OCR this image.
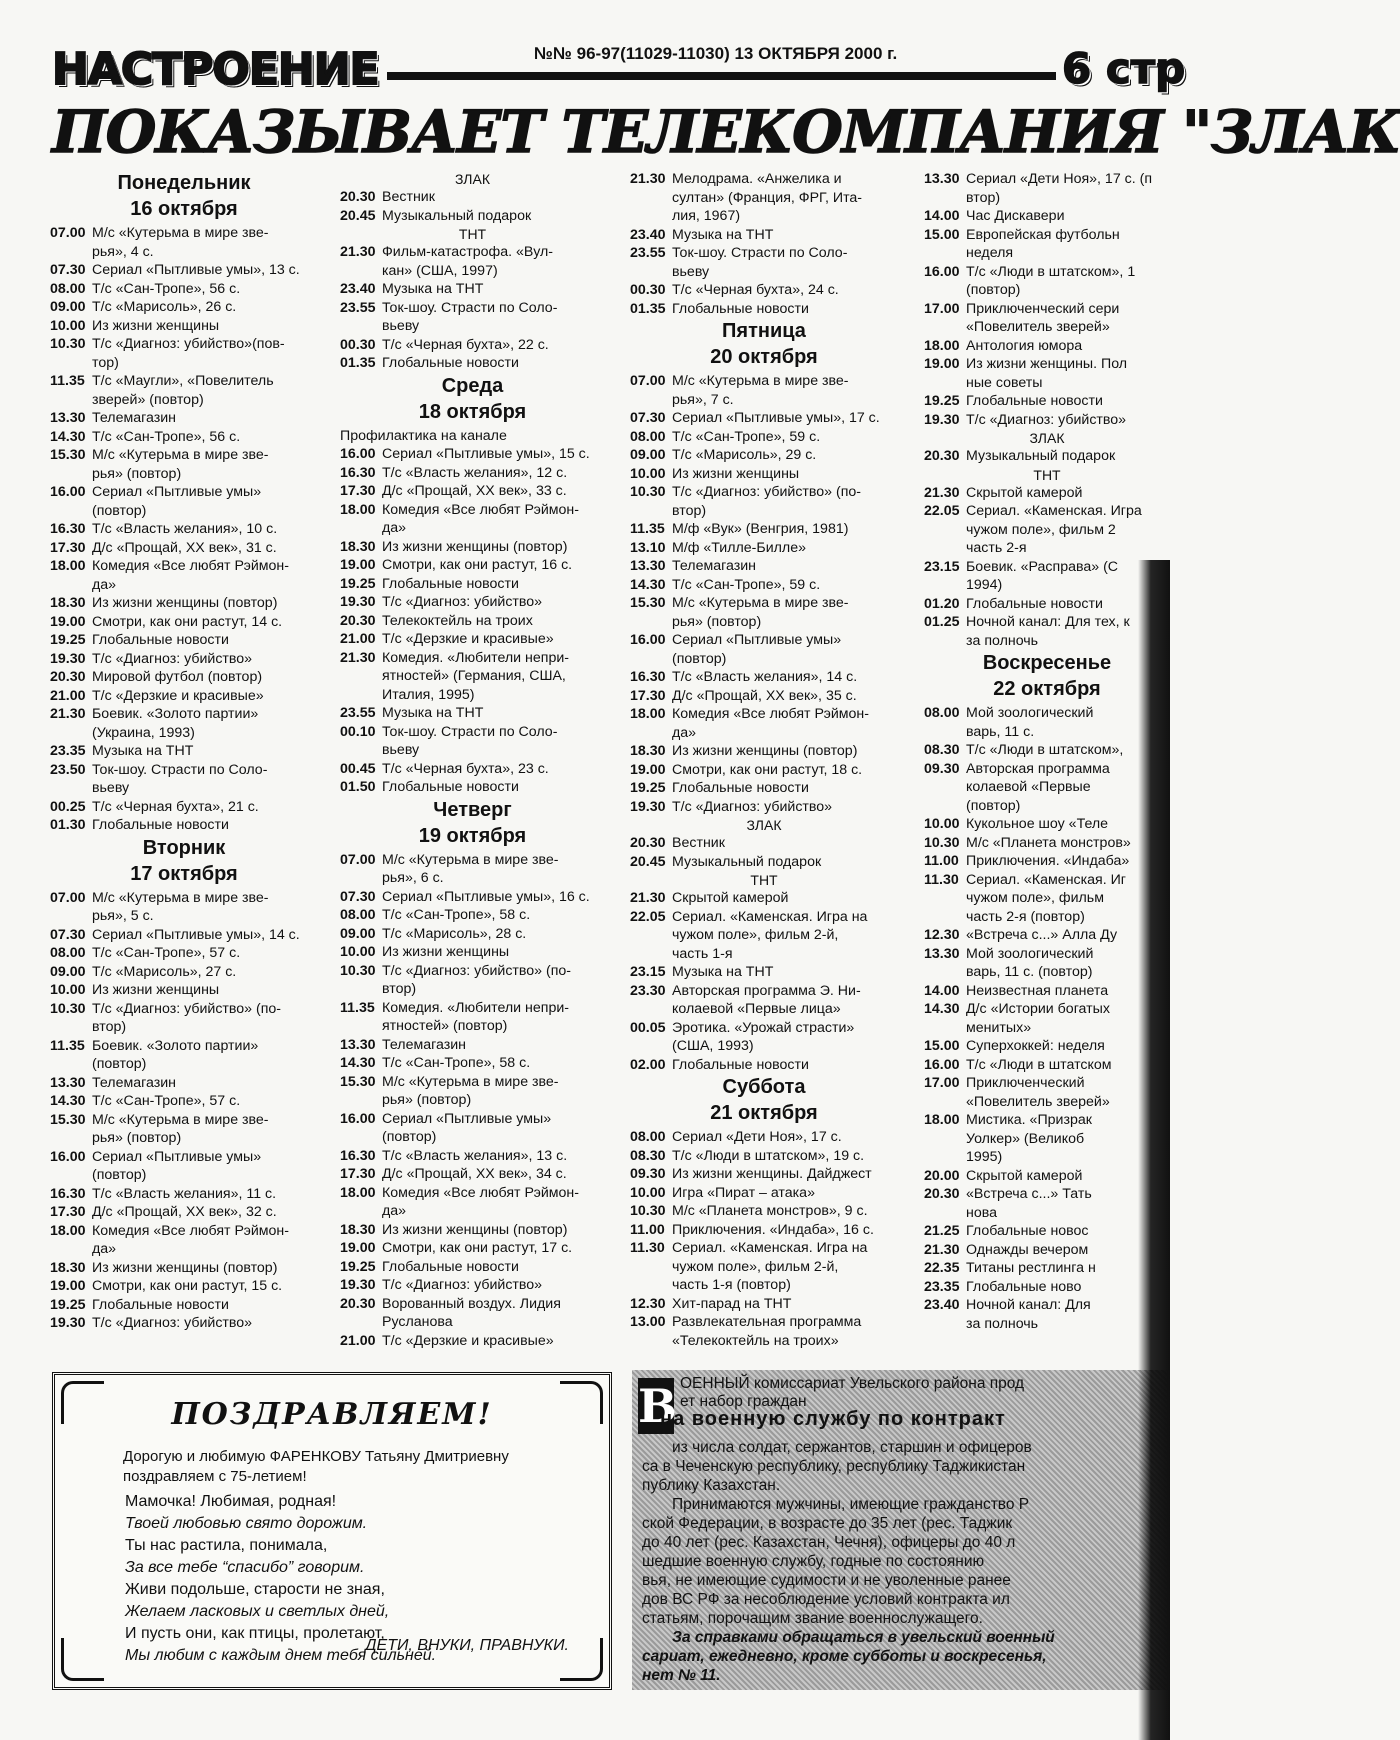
НАСТРОЕНИЕ	№№ 96-97(11029-11030) 13 ОКТЯБРЯ 2000 г.	6 стр
ПОКАЗЫВАЕТ ТЕЛЕКОМПАНИЯ "ЗЛАК
Понедельник
16 октября
07.00 М/с «Кутерьма в мире зве-
рья», 4 с.
07.30 Сериал «Пытливые умы», 13 с.
08.00 Т/с «Сан-Тропе», 56 с.
09.00 Т/с «Марисоль», 26 с.
10.00 Из жизни женщины
10.30 Т/с «Диагноз: убийство»(пов-
тор)
11.35 Т/с «Маугли», «Повелитель
зверей» (повтор)
13.30 Телемагазин
14.30 Т/с «Сан-Тропе», 56 с.
15.30 М/с «Кутерьма в мире зве-
рья» (повтор)
16.00 Сериал «Пытливые умы»
(повтор)
16.30 Т/с «Власть желания», 10 с.
17.30 Д/с «Прощай, XX век», 31 с.
18.00 Комедия «Все любят Рэймон-
да»
18.30 Из жизни женщины (повтор)
19.00 Смотри, как они растут, 14 с.
19.25 Глобальные новости
19.30 Т/с «Диагноз: убийство»
20.30 Мировой футбол (повтор)
21.00 Т/с «Дерзкие и красивые»
21.30 Боевик. «Золото партии»
(Украина, 1993)
23.35 Музыка на ТНТ
23.50 Ток-шоу. Страсти по Соло-
вьеву
00.25 Т/с «Черная бухта», 21 с.
01.30 Глобальные новости
Вторник
17 октября
07.00 М/с «Кутерьма в мире зве-
рья», 5 с.
07.30 Сериал «Пытливые умы», 14 с.
08.00 Т/с «Сан-Тропе», 57 с.
09.00 Т/с «Марисоль», 27 с.
10.00 Из жизни женщины
10.30 Т/с «Диагноз: убийство» (по-
втор)
11.35 Боевик. «Золото партии»
(повтор)
13.30 Телемагазин
14.30 Т/с «Сан-Тропе», 57 с.
15.30 М/с «Кутерьма в мире зве-
рья» (повтор)
16.00 Сериал «Пытливые умы»
(повтор)
16.30 Т/с «Власть желания», 11 с.
17.30 Д/с «Прощай, XX век», 32 с.
18.00 Комедия «Все любят Рэймон-
да»
18.30 Из жизни женщины (повтор)
19.00 Смотри, как они растут, 15 с.
19.25 Глобальные новости
19.30 Т/с «Диагноз: убийство»
ЗЛАК
20.30 Вестник
20.45 Музыкальный подарок
ТНТ
21.30 Фильм-катастрофа. «Вул-
кан» (США, 1997)
23.40 Музыка на ТНТ
23.55 Ток-шоу. Страсти по Соло-
вьеву
00.30 Т/с «Черная бухта», 22 с.
01.35 Глобальные новости
Среда
18 октября
Профилактика на канале
16.00 Сериал «Пытливые умы», 15 с.
16.30 Т/с «Власть желания», 12 с.
17.30 Д/с «Прощай, XX век», 33 с.
18.00 Комедия «Все любят Рэймон-
да»
18.30 Из жизни женщины (повтор)
19.00 Смотри, как они растут, 16 с.
19.25 Глобальные новости
19.30 Т/с «Диагноз: убийство»
20.30 Телекоктейль на троих
21.00 Т/с «Дерзкие и красивые»
21.30 Комедия. «Любители непри-
ятностей» (Германия, США,
Италия, 1995)
23.55 Музыка на ТНТ
00.10 Ток-шоу. Страсти по Соло-
вьеву
00.45 Т/с «Черная бухта», 23 с.
01.50 Глобальные новости
Четверг
19 октября
07.00 М/с «Кутерьма в мире зве-
рья», 6 с.
07.30 Сериал «Пытливые умы», 16 с.
08.00 Т/с «Сан-Тропе», 58 с.
09.00 Т/с «Марисоль», 28 с.
10.00 Из жизни женщины
10.30 Т/с «Диагноз: убийство» (по-
втор)
11.35 Комедия. «Любители непри-
ятностей» (повтор)
13.30 Телемагазин
14.30 Т/с «Сан-Тропе», 58 с.
15.30 М/с «Кутерьма в мире зве-
рья» (повтор)
16.00 Сериал «Пытливые умы»
(повтор)
16.30 Т/с «Власть желания», 13 с.
17.30 Д/с «Прощай, XX век», 34 с.
18.00 Комедия «Все любят Рэймон-
да»
18.30 Из жизни женщины (повтор)
19.00 Смотри, как они растут, 17 с.
19.25 Глобальные новости
19.30 Т/с «Диагноз: убийство»
20.30 Ворованный воздух. Лидия
Русланова
21.00 Т/с «Дерзкие и красивые»
21.30 Мелодрама. «Анжелика и
султан» (Франция, ФРГ, Ита-
лия, 1967)
23.40 Музыка на ТНТ
23.55 Ток-шоу. Страсти по Соло-
вьеву
00.30 Т/с «Черная бухта», 24 с.
01.35 Глобальные новости
Пятница
20 октября
07.00 М/с «Кутерьма в мире зве-
рья», 7 с.
07.30 Сериал «Пытливые умы», 17 с.
08.00 Т/с «Сан-Тропе», 59 с.
09.00 Т/с «Марисоль», 29 с.
10.00 Из жизни женщины
10.30 Т/с «Диагноз: убийство» (по-
втор)
11.35 М/ф «Вук» (Венгрия, 1981)
13.10 М/ф «Тилле-Билле»
13.30 Телемагазин
14.30 Т/с «Сан-Тропе», 59 с.
15.30 М/с «Кутерьма в мире зве-
рья» (повтор)
16.00 Сериал «Пытливые умы»
(повтор)
16.30 Т/с «Власть желания», 14 с.
17.30 Д/с «Прощай, XX век», 35 с.
18.00 Комедия «Все любят Рэймон-
да»
18.30 Из жизни женщины (повтор)
19.00 Смотри, как они растут, 18 с.
19.25 Глобальные новости
19.30 Т/с «Диагноз: убийство»
ЗЛАК
20.30 Вестник
20.45 Музыкальный подарок
ТНТ
21.30 Скрытой камерой
22.05 Сериал. «Каменская. Игра на
чужом поле», фильм 2-й,
часть 1-я
23.15 Музыка на ТНТ
23.30 Авторская программа Э. Ни-
колаевой «Первые лица»
00.05 Эротика. «Урожай страсти»
(США, 1993)
02.00 Глобальные новости
Суббота
21 октября
08.00 Сериал «Дети Ноя», 17 с.
08.30 Т/с «Люди в штатском», 19 с.
09.30 Из жизни женщины. Дайджест
10.00 Игра «Пират – атака»
10.30 М/с «Планета монстров», 9 с.
11.00 Приключения. «Индаба», 16 с.
11.30 Сериал. «Каменская. Игра на
чужом поле», фильм 2-й,
часть 1-я (повтор)
12.30 Хит-парад на ТНТ
13.00 Развлекательная программа
«Телекоктейль на троих»
13.30 Сериал «Дети Ноя», 17 с. (п
втор)
14.00 Час Дискавери
15.00 Европейская футбольн
неделя
16.00 Т/с «Люди в штатском», 1
(повтор)
17.00 Приключенческий сери
«Повелитель зверей»
18.00 Антология юмора
19.00 Из жизни женщины. Пол
ные советы
19.25 Глобальные новости
19.30 Т/с «Диагноз: убийство»
ЗЛАК
20.30 Музыкальный подарок
ТНТ
21.30 Скрытой камерой
22.05 Сериал. «Каменская. Игра
чужом поле», фильм 2
часть 2-я
23.15 Боевик. «Расправа» (С
1994)
01.20 Глобальные новости
01.25 Ночной канал: Для тех, к
за полночь
Воскресенье
22 октября
08.00 Мой зоологический
варь, 11 с.
08.30 Т/с «Люди в штатском»,
09.30 Авторская программа
колаевой «Первые
(повтор)
10.00 Кукольное шоу «Теле
10.30 М/с «Планета монстров»
11.00 Приключения. «Индаба»
11.30 Сериал. «Каменская. Иг
чужом поле», фильм
часть 2-я (повтор)
12.30 «Встреча с...» Алла Ду
13.30 Мой зоологический
варь, 11 с. (повтор)
14.00 Неизвестная планета
14.30 Д/с «Истории богатых
менитых»
15.00 Суперхоккей: неделя
16.00 Т/с «Люди в штатском
17.00 Приключенческий
«Повелитель зверей»
18.00 Мистика. «Призрак
Уолкер» (Великоб
1995)
20.00 Скрытой камерой
20.30 «Встреча с...» Тать
нова
21.25 Глобальные новос
21.30 Однажды вечером
22.35 Титаны рестлинга н
23.35 Глобальные ново
23.40 Ночной канал: Для
за полночь
ПОЗДРАВЛЯЕМ!
Дорогую и любимую ФАРЕНКОВУ Татьяну Дмитриевну поздравляем с 75-летием!
Мамочка! Любимая, родная!
Твоей любовью свято дорожим.
Ты нас растила, понимала,
За все тебе “спасибо” говорим.
Живи подольше, старости не зная,
Желаем ласковых и светлых дней,
И пусть они, как птицы, пролетают,
Мы любим с каждым днем тебя сильней.
ДЕТИ, ВНУКИ, ПРАВНУКИ.
В ОЕННЫЙ комиссариат Увельского района прод
ет набор граждан
на военную службу по контракт

из числа солдат, сержантов, старшин и офицеров
са в Чеченскую республику, республику Таджикистан
публику Казахстан.

Принимаются мужчины, имеющие гражданство Р
ской Федерации, в возрасте до 35 лет (рес. Таджик
до 40 лет (рес. Казахстан, Чечня), офицеры до 40 л
шедшие военную службу, годные по состоянию
вья, не имеющие судимости и не уволенные ранее
дов ВС РФ за несоблюдение условий контракта ил
статьям, порочащим звание военнослужащего.

За справками обращаться в увельский военный
сариат, ежедневно, кроме субботы и воскресенья,
нет № 11.
